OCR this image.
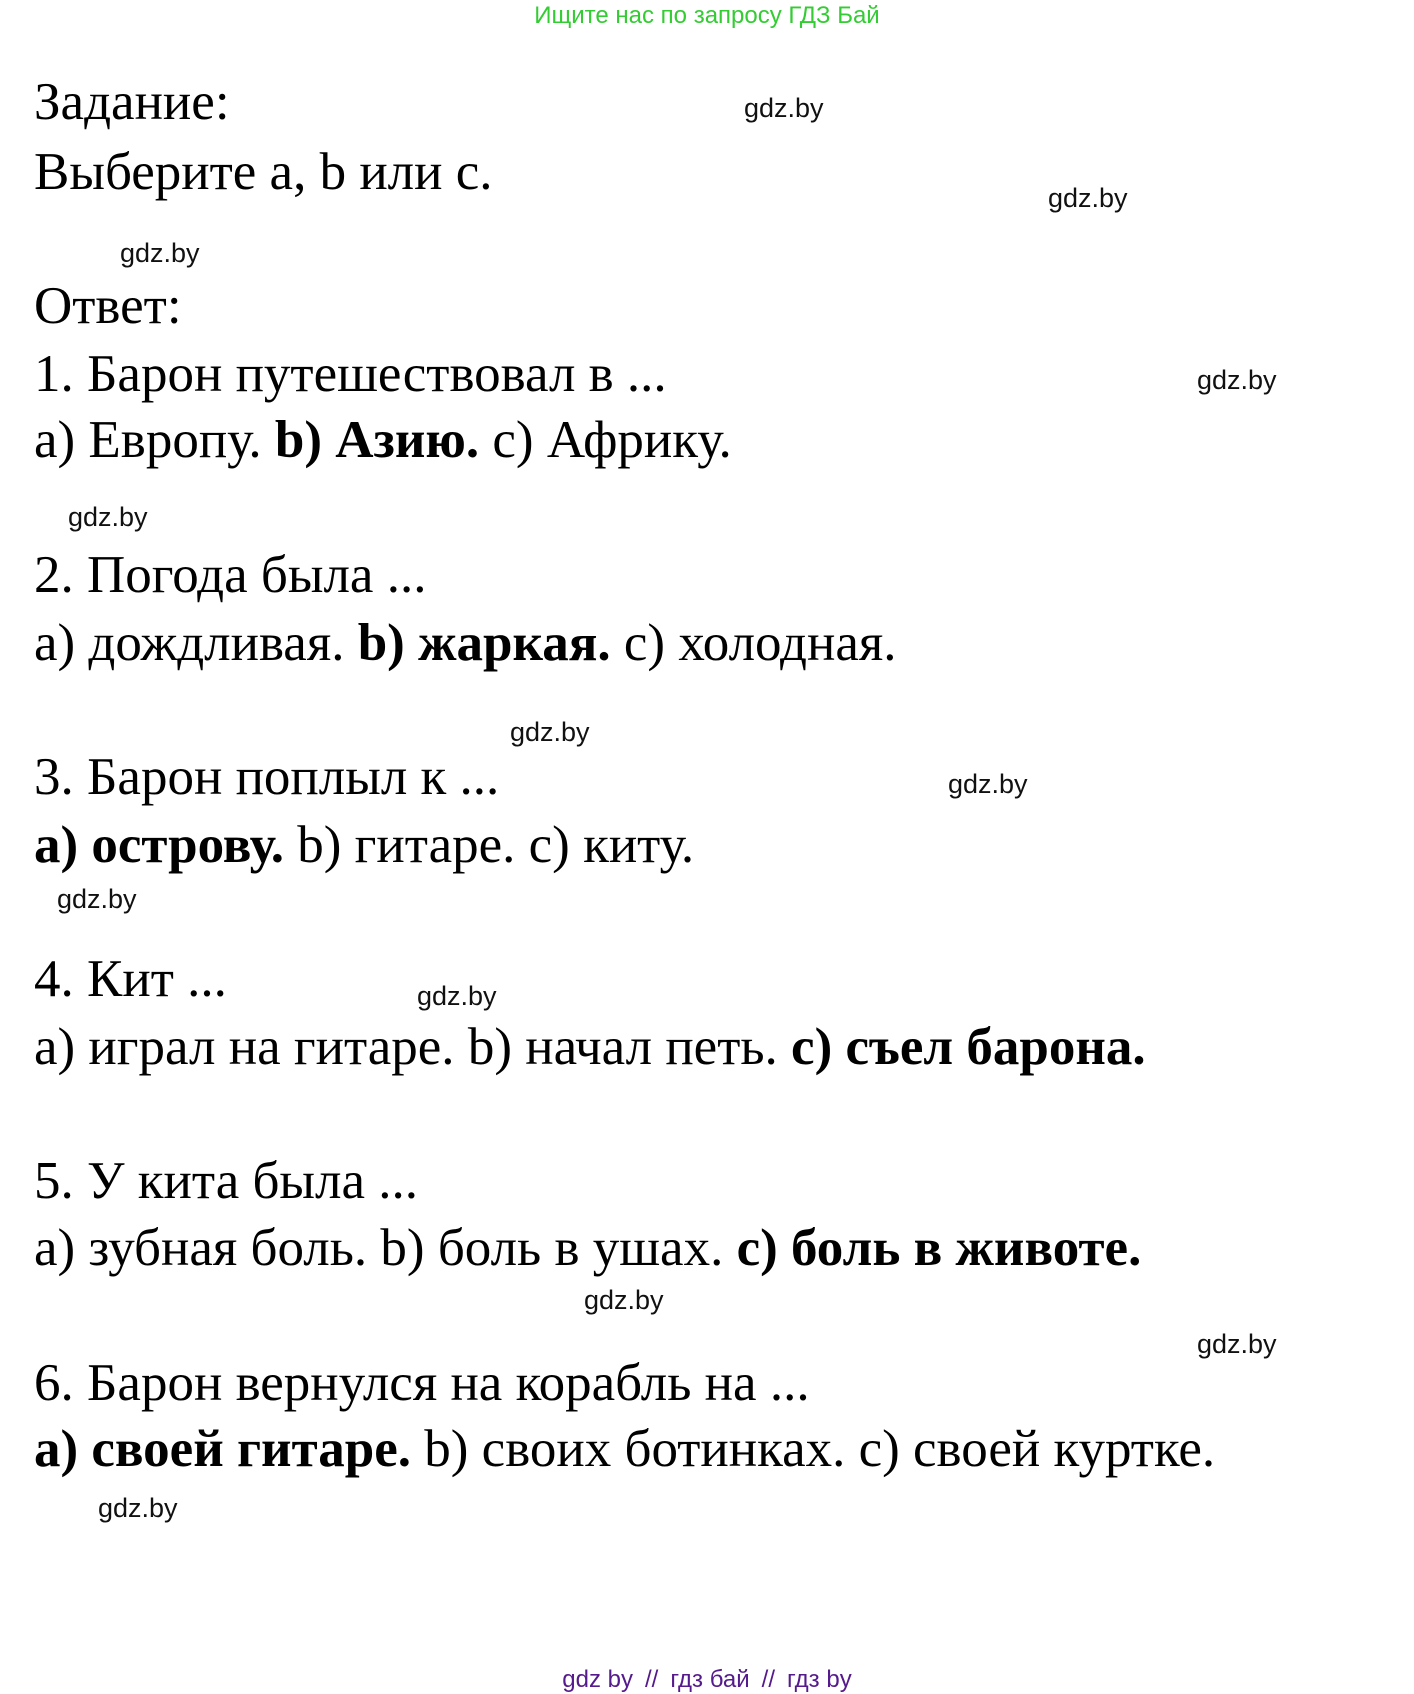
Ищите нас по запросу ГДЗ Бай
Задание:
Выберите a, b или c.
Ответ:
1. Барон путешествовал в ...
a) Европу. b) Азию. c) Африку.
2. Погода была ...
a) дождливая. b) жаркая. c) холодная.
3. Барон поплыл к ...
a) острову. b) гитаре. c) киту.
4. Кит ...
a) играл на гитаре. b) начал петь. c) съел барона.
5. У кита была ...
a) зубная боль. b) боль в ушах. c) боль в животе.
6. Барон вернулся на корабль на ...
a) своей гитаре. b) своих ботинках. c) своей куртке.
gdz.by
gdz.by
gdz.by
gdz.by
gdz.by
gdz.by
gdz.by
gdz.by
gdz.by
gdz.by
gdz.by
gdz.by
gdz by // гдз бай // гдз by
